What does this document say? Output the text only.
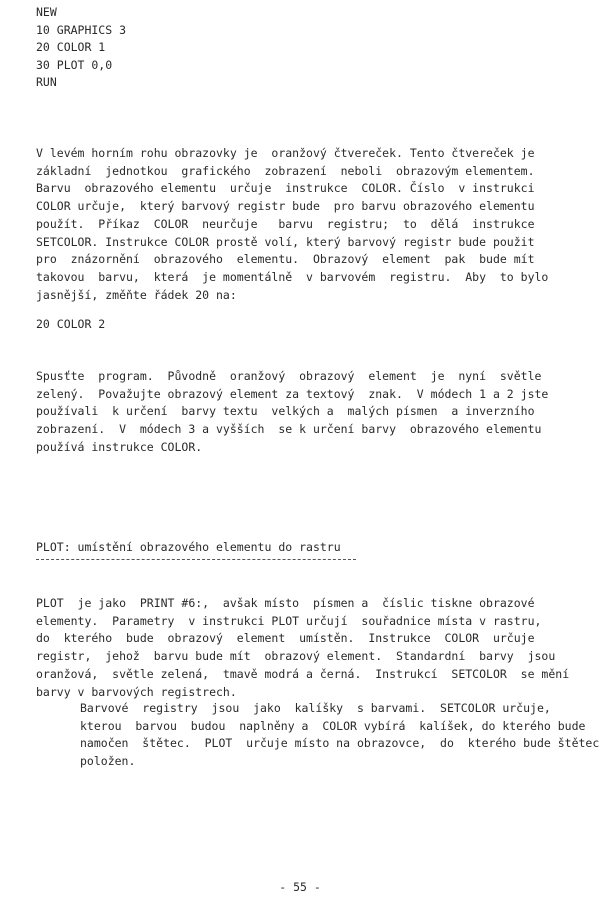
NEW
10 GRAPHICS 3
20 COLOR 1
30 PLOT 0,0
RUN
V levém horním rohu obrazovky je  oranžový čtvereček. Tento čtvereček je
základní  jednotkou  grafického  zobrazení  neboli  obrazovým elementem.
Barvu  obrazového elementu  určuje  instrukce  COLOR. Číslo  v instrukci
COLOR určuje,  který barvový registr bude  pro barvu obrazového elementu
použít.  Příkaz  COLOR  neurčuje   barvu  registru;  to  dělá  instrukce
SETCOLOR. Instrukce COLOR prostě volí, který barvový registr bude použit
pro  znázornění  obrazového  elementu.  Obrazový  element  pak  bude mít
takovou  barvu,  která  je momentálně  v barvovém  registru.  Aby  to bylo
jasnější, změňte řádek 20 na:
20 COLOR 2
Spusťte  program.  Původně  oranžový  obrazový  element  je  nyní  světle
zelený.  Považujte obrazový element za textový  znak.  V módech 1 a 2 jste
používali  k určení  barvy textu  velkých a  malých písmen  a inverzního
zobrazení.  V  módech 3 a vyšších  se k určení barvy  obrazového elementu
používá instrukce COLOR.
PLOT: umístění obrazového elementu do rastru
PLOT  je jako  PRINT #6:,  avšak místo  písmen a  číslic tiskne obrazové
elementy.  Parametry  v instrukci PLOT určují  souřadnice místa v rastru,
do  kterého  bude  obrazový  element  umístěn.  Instrukce  COLOR  určuje
registr,  jehož  barvu bude mít  obrazový element.  Standardní  barvy  jsou
oranžová,  světle zelená,  tmavě modrá a černá.  Instrukcí  SETCOLOR  se mění
barvy v barvových registrech.
Barvové  registry  jsou  jako  kalíšky  s barvami.  SETCOLOR určuje,
kterou  barvou  budou  naplněny a  COLOR vybírá  kalíšek, do kterého bude
namočen  štětec.  PLOT  určuje místo na obrazovce,  do  kterého bude štětec
položen.
- 55 -
